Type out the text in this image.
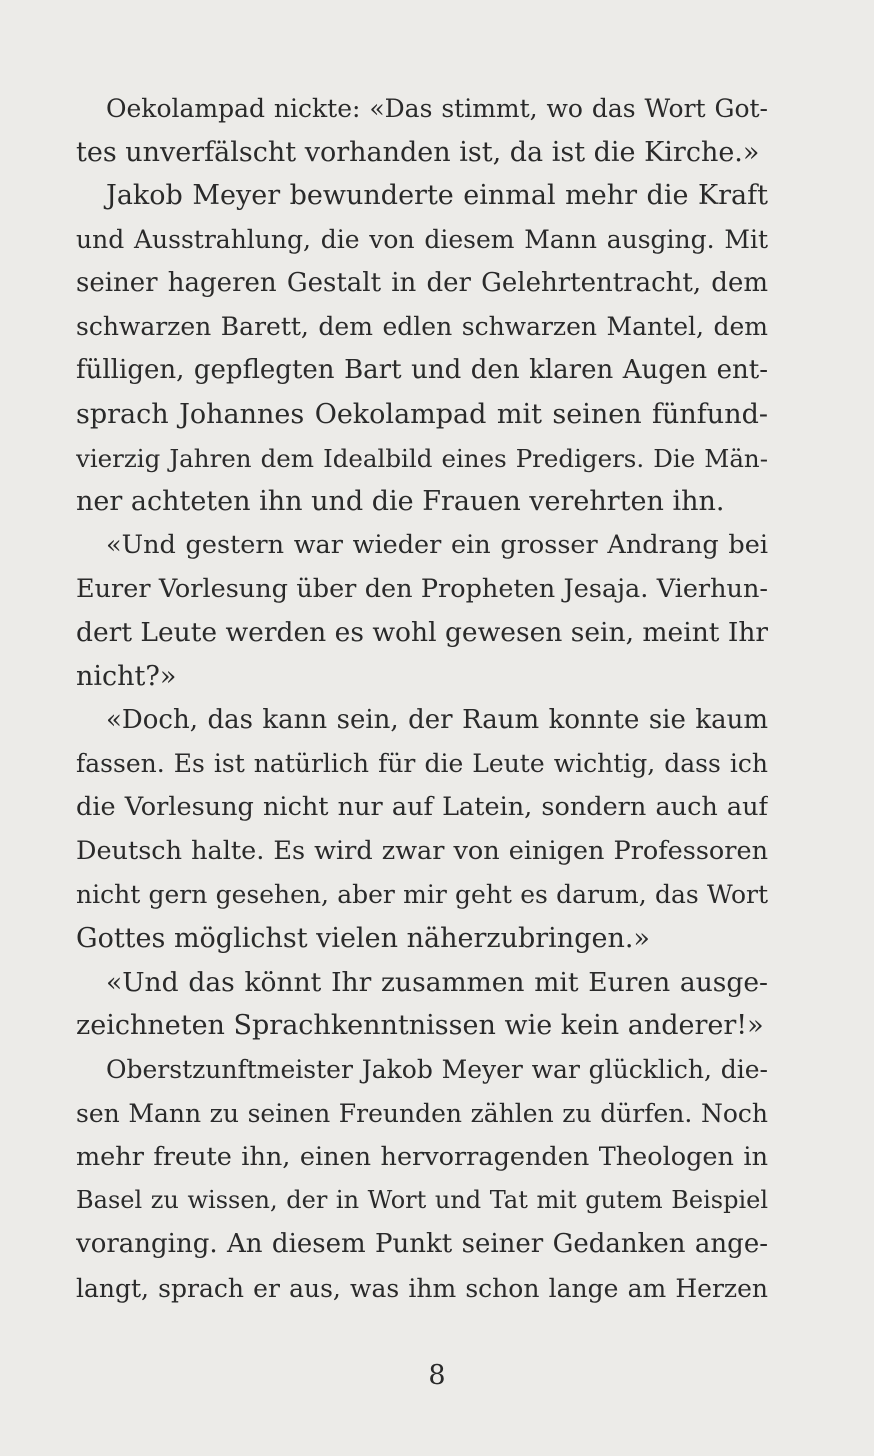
Oekolampad nickte: «Das stimmt, wo das Wort Got-
tes unverfälscht vorhanden ist, da ist die Kirche.»
Jakob Meyer bewunderte einmal mehr die Kraft
und Ausstrahlung, die von diesem Mann ausging. Mit
seiner hageren Gestalt in der Gelehrtentracht, dem
schwarzen Barett, dem edlen schwarzen Mantel, dem
fülligen, gepflegten Bart und den klaren Augen ent-
sprach Johannes Oekolampad mit seinen fünfund-
vierzig Jahren dem Idealbild eines Predigers. Die Män-
ner achteten ihn und die Frauen verehrten ihn.
«Und gestern war wieder ein grosser Andrang bei
Eurer Vorlesung über den Propheten Jesaja. Vierhun-
dert Leute werden es wohl gewesen sein, meint Ihr
nicht?»
«Doch, das kann sein, der Raum konnte sie kaum
fassen. Es ist natürlich für die Leute wichtig, dass ich
die Vorlesung nicht nur auf Latein, sondern auch auf
Deutsch halte. Es wird zwar von einigen Professoren
nicht gern gesehen, aber mir geht es darum, das Wort
Gottes möglichst vielen näherzubringen.»
«Und das könnt Ihr zusammen mit Euren ausge-
zeichneten Sprachkenntnissen wie kein anderer!»
Oberstzunftmeister Jakob Meyer war glücklich, die-
sen Mann zu seinen Freunden zählen zu dürfen. Noch
mehr freute ihn, einen hervorragenden Theologen in
Basel zu wissen, der in Wort und Tat mit gutem Beispiel
voranging. An diesem Punkt seiner Gedanken ange-
langt, sprach er aus, was ihm schon lange am Herzen
8
